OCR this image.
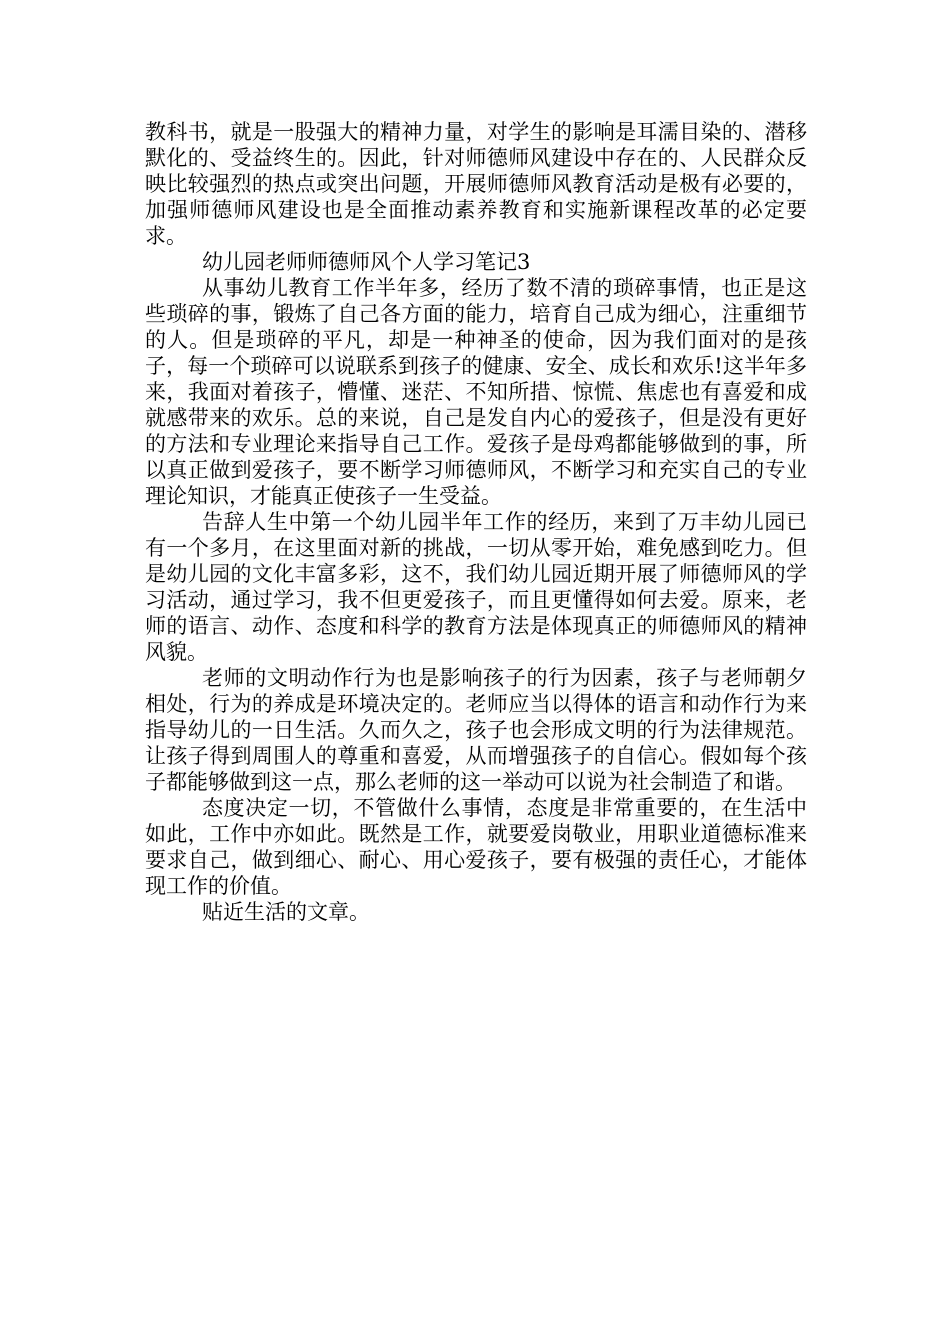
教科书，就是一股强大的精神力量，对学生的影响是耳濡目染的、潜移默化的、受益终生的。因此，针对师德师风建设中存在的、人民群众反映比较强烈的热点或突出问题，开展师德师风教育活动是极有必要的，加强师德师风建设也是全面推动素养教育和实施新课程改革的必定要求。

幼儿园老师师德师风个人学习笔记3

从事幼儿教育工作半年多，经历了数不清的琐碎事情，也正是这些琐碎的事，锻炼了自己各方面的能力，培育自己成为细心，注重细节的人。但是琐碎的平凡，却是一种神圣的使命，因为我们面对的是孩子，每一个琐碎可以说联系到孩子的健康、安全、成长和欢乐!这半年多来，我面对着孩子，懵懂、迷茫、不知所措、惊慌、焦虑也有喜爱和成就感带来的欢乐。总的来说，自己是发自内心的爱孩子，但是没有更好的方法和专业理论来指导自己工作。爱孩子是母鸡都能够做到的事，所以真正做到爱孩子，要不断学习师德师风，不断学习和充实自己的专业理论知识，才能真正使孩子一生受益。

告辞人生中第一个幼儿园半年工作的经历，来到了万丰幼儿园已有一个多月，在这里面对新的挑战，一切从零开始，难免感到吃力。但是幼儿园的文化丰富多彩，这不，我们幼儿园近期开展了师德师风的学习活动，通过学习，我不但更爱孩子，而且更懂得如何去爱。原来，老师的语言、动作、态度和科学的教育方法是体现真正的师德师风的精神风貌。

老师的文明动作行为也是影响孩子的行为因素，孩子与老师朝夕相处，行为的养成是环境决定的。老师应当以得体的语言和动作行为来指导幼儿的一日生活。久而久之，孩子也会形成文明的行为法律规范。让孩子得到周围人的尊重和喜爱，从而增强孩子的自信心。假如每个孩子都能够做到这一点，那么老师的这一举动可以说为社会制造了和谐。

态度决定一切，不管做什么事情，态度是非常重要的，在生活中如此，工作中亦如此。既然是工作，就要爱岗敬业，用职业道德标准来要求自己，做到细心、耐心、用心爱孩子，要有极强的责任心，才能体现工作的价值。

贴近生活的文章。
